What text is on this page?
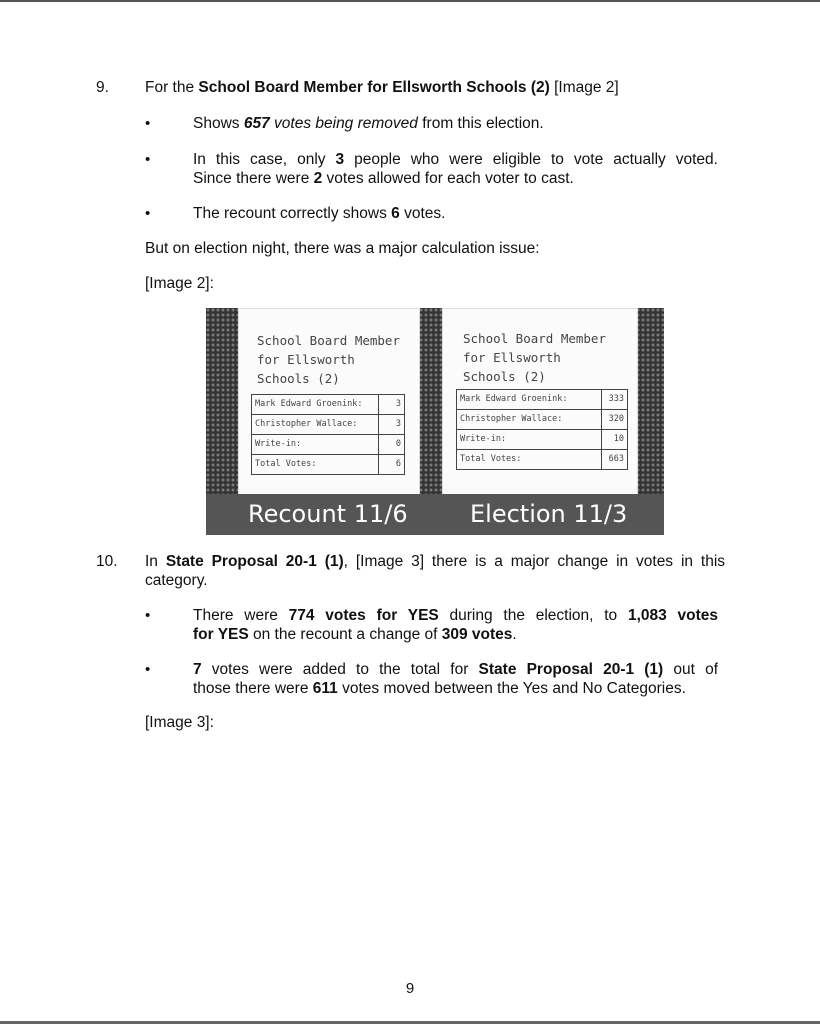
9. For the School Board Member for Ellsworth Schools (2) [Image 2]
•	Shows 657 votes being removed from this election.
•	In this case, only 3 people who were eligible to vote actually voted.
Since there were 2 votes allowed for each voter to cast.
•	The recount correctly shows 6 votes.
But on election night, there was a major calculation issue:
[Image 2]:
School Board Member
for Ellsworth
Schools (2)
Mark Edward Groenink:	3
Christopher Wallace:	3
Write-in:	0
Total Votes:	6
School Board Member
for Ellsworth
Schools (2)
Mark Edward Groenink:	333
Christopher Wallace:	320
Write-in:	10
Total Votes:	663
Recount 11/6	Election 11/3
10. In State Proposal 20-1 (1), [Image 3] there is a major change in votes in this
category.
•	There were 774 votes for YES during the election, to 1,083 votes
for YES on the recount a change of 309 votes.
•	7 votes were added to the total for State Proposal 20-1 (1) out of
those there were 611 votes moved between the Yes and No Categories.
[Image 3]:
9
